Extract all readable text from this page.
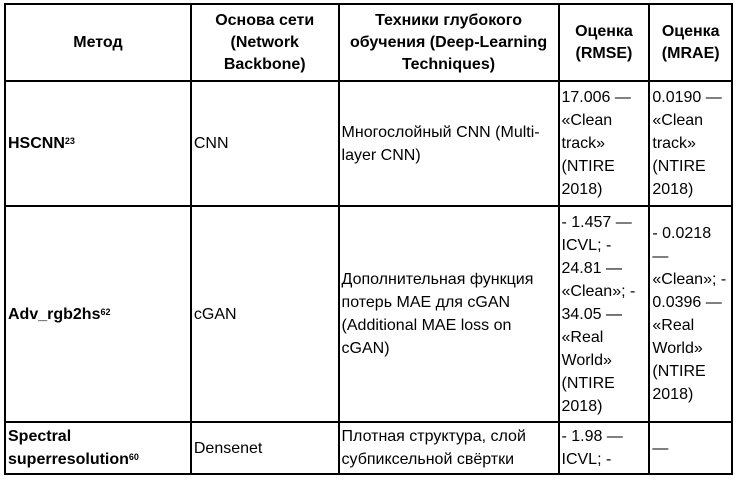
Метод	Основа сети (Network Backbone)	Техники глубокого обучения (Deep-Learning Techniques)	Оценка (RMSE)	Оценка (MRAE)
HSCNN$^{23}$	CNN	Многослойный CNN (Multi-layer CNN)	17.006 — «Clean track» (NTIRE 2018)	0.0190 — «Clean track» (NTIRE 2018)
$Adv\_rgb2hs^{62}$	cGAN	Дополнительная функция потерь MAE для cGAN (Additional MAE loss on cGAN)	- 1.457 — ICVL; - 24.81 — «Clean»; - 34.05 — «Real World» (NTIRE 2018)	- 0.0218 — «Clean»; - 0.0396 — «Real World» (NTIRE 2018)
Spectral superresolution$^{60}$	Densenet	Плотная структура, слой субпиксельной свёртки	- 1.98 — ICVL; -	—
